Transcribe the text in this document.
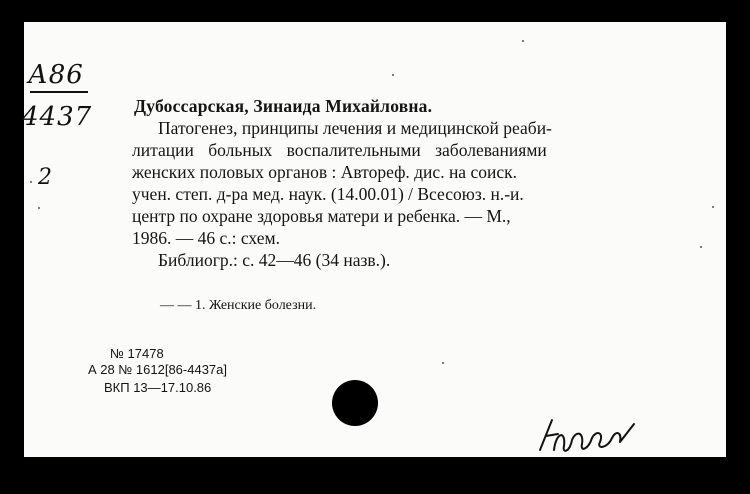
А86
4437
2
Дубоссарская, Зинаида Михайловна.
Патогенез, принципы лечения и медицинской реаби-
литации больных воспалительными заболеваниями
женских половых органов : Автореф. дис. на соиск.
учен. степ. д-ра мед. наук. (14.00.01) / Всесоюз. н.-и.
центр по охране здоровья матери и ребенка. — М.,
1986. — 46 с.: схем.
Библиогр.: с. 42—46 (34 назв.).
— — 1. Женские болезни.
№ 17478
А 28 № 1612[86-4437а]
ВКП 13—17.10.86
